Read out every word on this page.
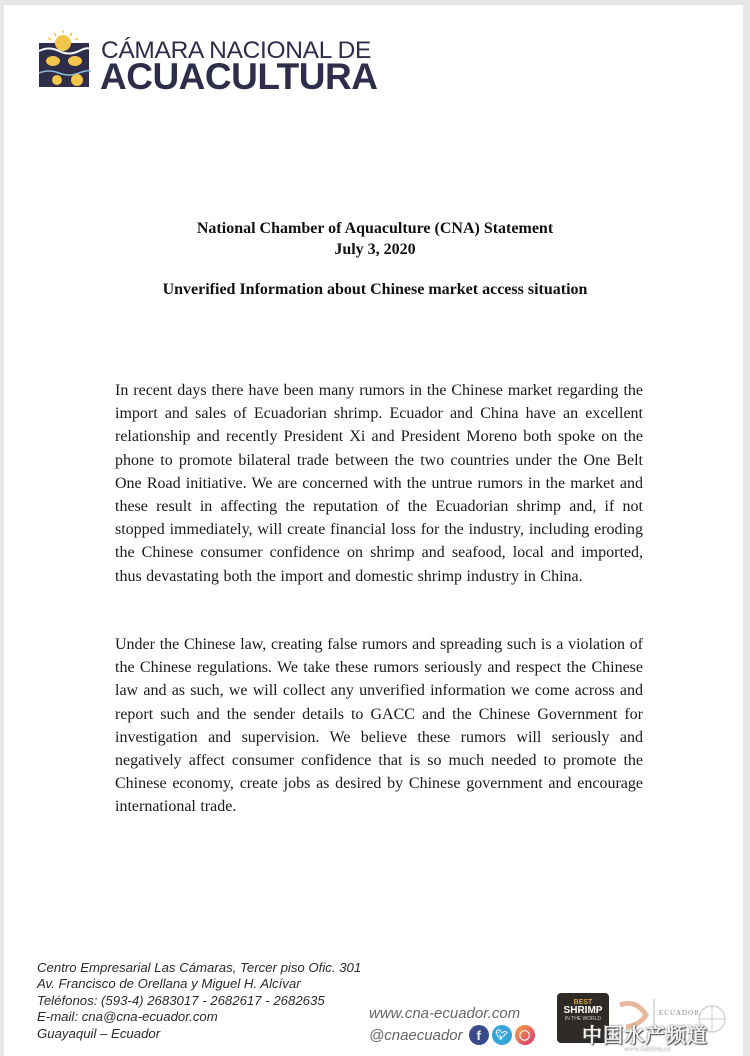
CÁMARA NACIONAL DE
ACUACULTURA
National Chamber of Aquaculture (CNA) Statement
July 3, 2020
Unverified Information about Chinese market access situation

In recent days there have been many rumors in the Chinese market regarding the import and sales of Ecuadorian shrimp. Ecuador and China have an excellent relationship and recently President Xi and President Moreno both spoke on the phone to promote bilateral trade between the two countries under the One Belt One Road initiative. We are concerned with the untrue rumors in the market and these result in affecting the reputation of the Ecuadorian shrimp and, if not stopped immediately, will create financial loss for the industry, including eroding the Chinese consumer confidence on shrimp and seafood, local and imported, thus devastating both the import and domestic shrimp industry in China.

Under the Chinese law, creating false rumors and spreading such is a violation of the Chinese regulations. We take these rumors seriously and respect the Chinese law and as such, we will collect any unverified information we come across and report such and the sender details to GACC and the Chinese Government for investigation and supervision. We believe these rumors will seriously and negatively affect consumer confidence that is so much needed to promote the Chinese economy, create jobs as desired by Chinese government and encourage international trade.

Centro Empresarial Las Cámaras, Tercer piso Ofic. 301
Av. Francisco de Orellana y Miguel H. Alcívar
Teléfonos: (593-4) 2683017 - 2682617 - 2682635
E-mail: cna@cna-ecuador.com
Guayaquil – Ecuador
www.cna-ecuador.com
@cnaecuador	f	🐦︎	◯
BEST
SHRIMP
IN THE WORLD
ECUADOR
中国水产频道
www.fishfirst.cn
